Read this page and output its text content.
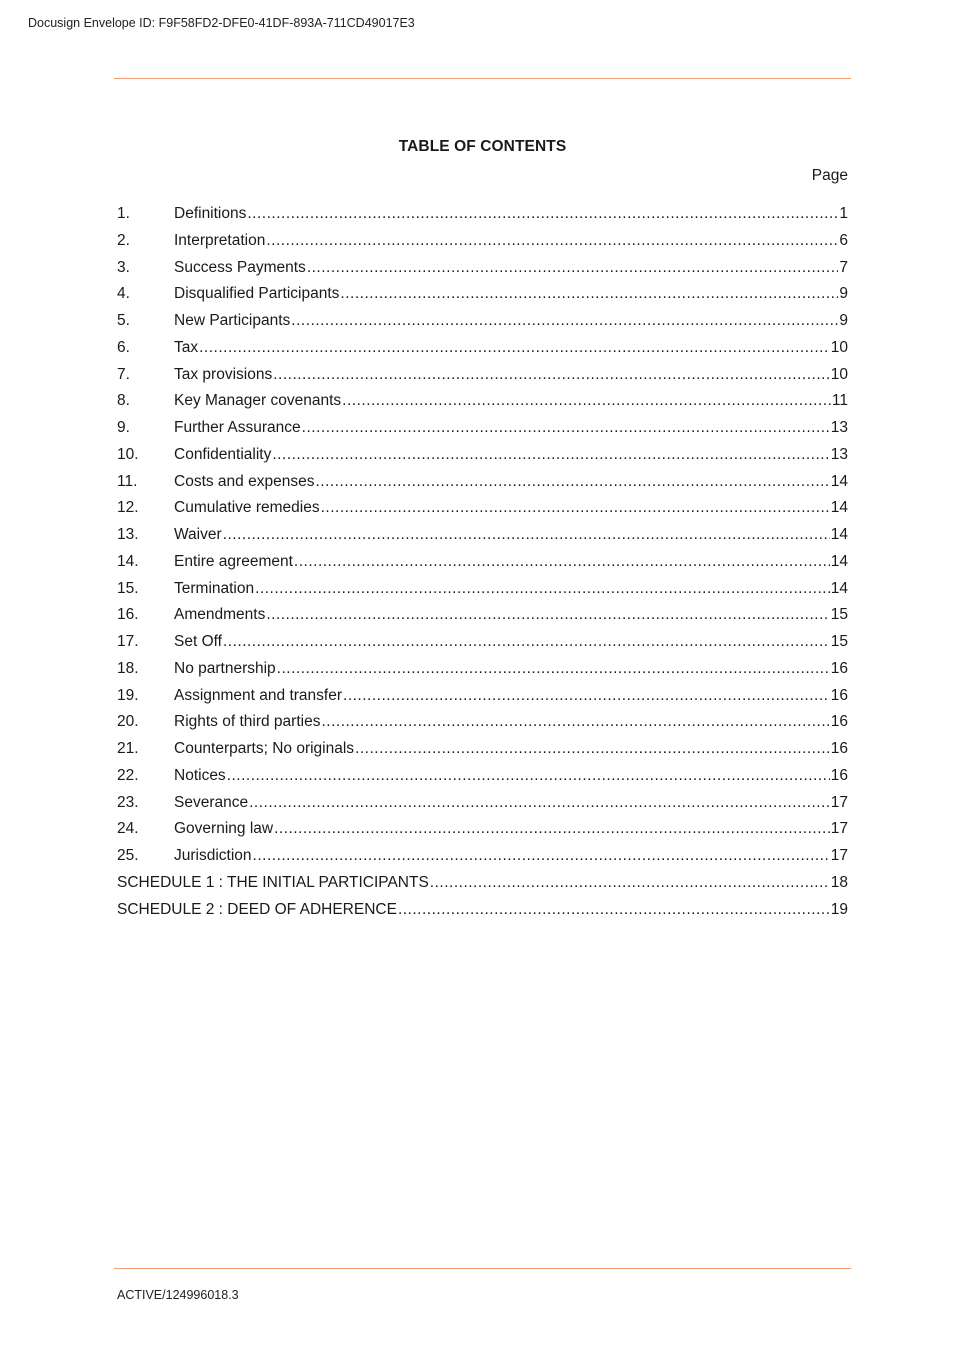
Docusign Envelope ID: F9F58FD2-DFE0-41DF-893A-711CD49017E3
TABLE OF CONTENTS
Page
1.	Definitions .....	1
2.	Interpretation .....	6
3.	Success Payments .....	7
4.	Disqualified Participants .....	9
5.	New Participants .....	9
6.	Tax .....	10
7.	Tax provisions .....	10
8.	Key Manager covenants .....	11
9.	Further Assurance .....	13
10.	Confidentiality .....	13
11.	Costs and expenses .....	14
12.	Cumulative remedies .....	14
13.	Waiver .....	14
14.	Entire agreement .....	14
15.	Termination .....	14
16.	Amendments .....	15
17.	Set Off .....	15
18.	No partnership .....	16
19.	Assignment and transfer .....	16
20.	Rights of third parties .....	16
21.	Counterparts; No originals .....	16
22.	Notices .....	16
23.	Severance .....	17
24.	Governing law .....	17
25.	Jurisdiction .....	17
SCHEDULE 1 : THE INITIAL PARTICIPANTS .....	18
SCHEDULE 2 : DEED OF ADHERENCE .....	19
ACTIVE/124996018.3
